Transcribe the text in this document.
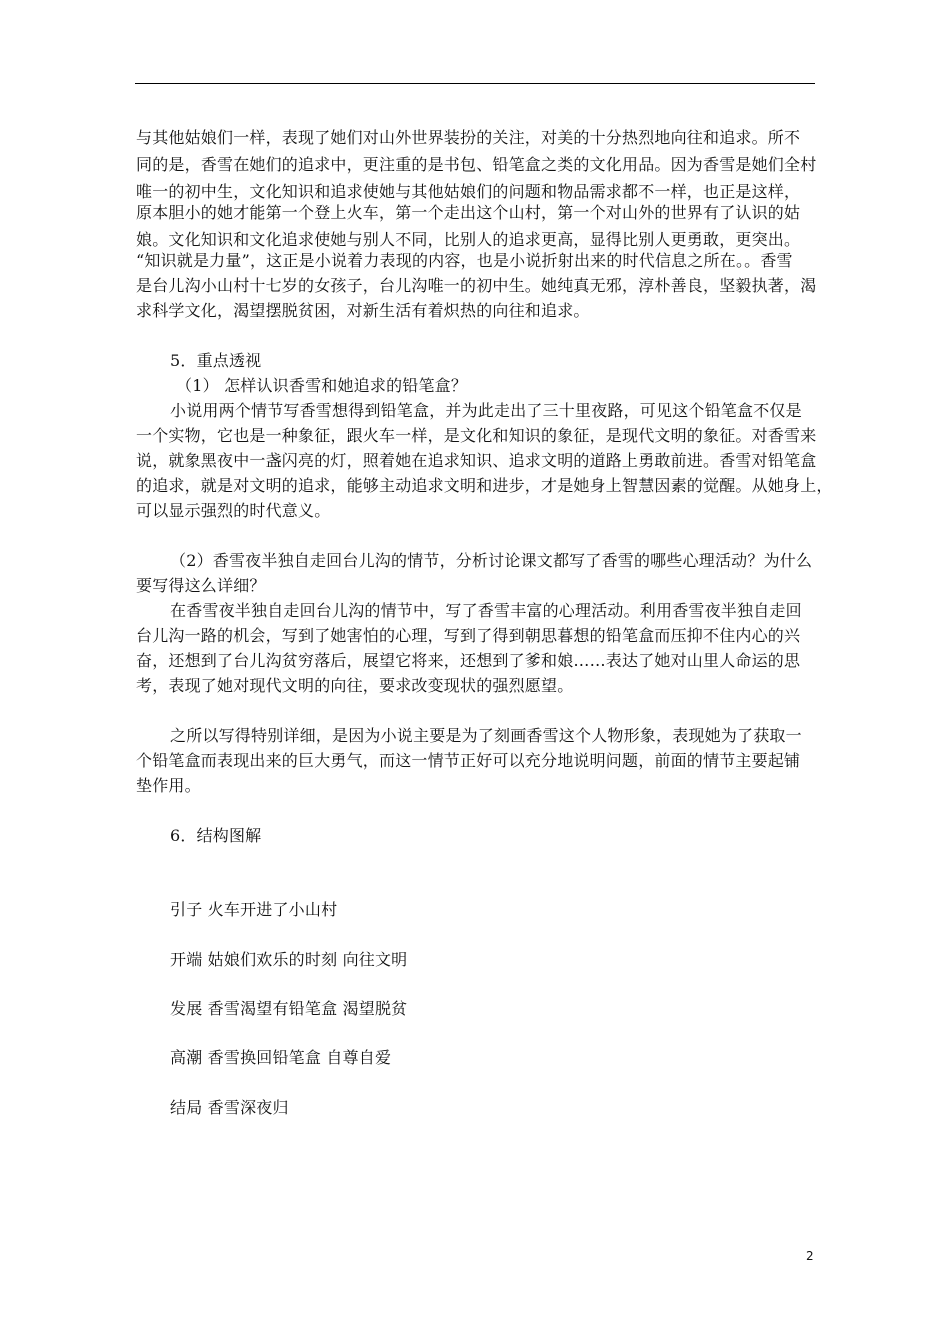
与其他姑娘们一样，表现了她们对山外世界装扮的关注，对美的十分热烈地向往和追求。所不
同的是，香雪在她们的追求中，更注重的是书包、铅笔盒之类的文化用品。因为香雪是她们全村
唯一的初中生，文化知识和追求使她与其他姑娘们的问题和物品需求都不一样，也正是这样，
原本胆小的她才能第一个登上火车，第一个走出这个山村，第一个对山外的世界有了认识的姑
娘。文化知识和文化追求使她与别人不同，比别人的追求更高，显得比别人更勇敢，更突出。
“知识就是力量”，这正是小说着力表现的内容，也是小说折射出来的时代信息之所在。。香雪
是台儿沟小山村十七岁的女孩子，台儿沟唯一的初中生。她纯真无邪，淳朴善良，坚毅执著，渴
求科学文化，渴望摆脱贫困，对新生活有着炽热的向往和追求。
5．重点透视
（1） 怎样认识香雪和她追求的铅笔盒？
小说用两个情节写香雪想得到铅笔盒，并为此走出了三十里夜路，可见这个铅笔盒不仅是
一个实物，它也是一种象征，跟火车一样，是文化和知识的象征，是现代文明的象征。对香雪来
说，就象黑夜中一盏闪亮的灯，照着她在追求知识、追求文明的道路上勇敢前进。香雪对铅笔盒
的追求，就是对文明的追求，能够主动追求文明和进步，才是她身上智慧因素的觉醒。从她身上，
可以显示强烈的时代意义。
（2）香雪夜半独自走回台儿沟的情节，分析讨论课文都写了香雪的哪些心理活动？为什么
要写得这么详细？
在香雪夜半独自走回台儿沟的情节中，写了香雪丰富的心理活动。利用香雪夜半独自走回
台儿沟一路的机会，写到了她害怕的心理，写到了得到朝思暮想的铅笔盒而压抑不住内心的兴
奋，还想到了台儿沟贫穷落后，展望它将来，还想到了爹和娘……表达了她对山里人命运的思
考，表现了她对现代文明的向往，要求改变现状的强烈愿望。
之所以写得特别详细，是因为小说主要是为了刻画香雪这个人物形象，表现她为了获取一
个铅笔盒而表现出来的巨大勇气，而这一情节正好可以充分地说明问题，前面的情节主要起铺
垫作用。
6．结构图解
引子 火车开进了小山村
开端 姑娘们欢乐的时刻 向往文明
发展 香雪渴望有铅笔盒 渴望脱贫
高潮 香雪换回铅笔盒 自尊自爱
结局 香雪深夜归
2
